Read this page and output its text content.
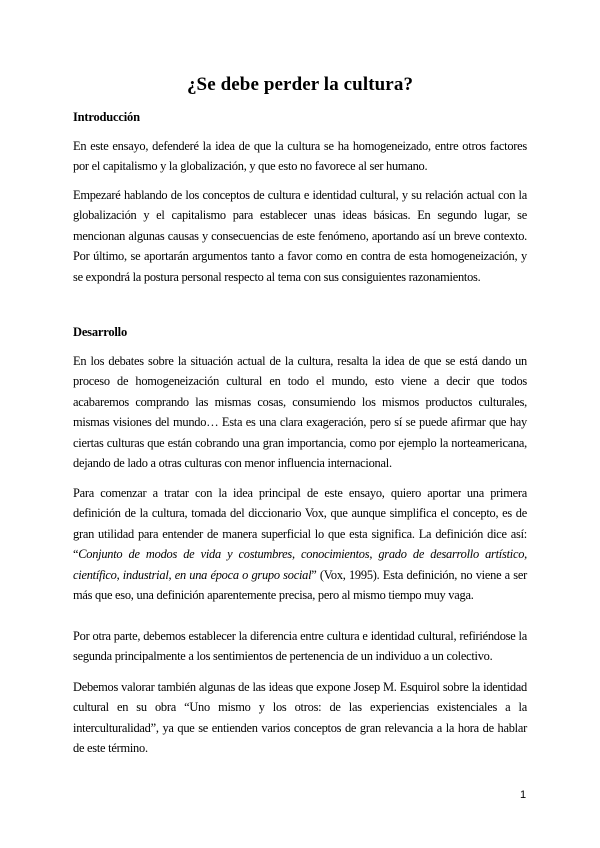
¿Se debe perder la cultura?
Introducción

En este ensayo, defenderé la idea de que la cultura se ha homogeneizado, entre otros factores por el capitalismo y la globalización, y que esto no favorece al ser humano.

Empezaré hablando de los conceptos de cultura e identidad cultural, y su relación actual con la globalización y el capitalismo para establecer unas ideas básicas. En segundo lugar, se mencionan algunas causas y consecuencias de este fenómeno, aportando así un breve contexto. Por último, se aportarán argumentos tanto a favor como en contra de esta homogeneización, y se expondrá la postura personal respecto al tema con sus consiguientes razonamientos.

Desarrollo

En los debates sobre la situación actual de la cultura, resalta la idea de que se está dando un proceso de homogeneización cultural en todo el mundo, esto viene a decir que todos acabaremos comprando las mismas cosas, consumiendo los mismos productos culturales, mismas visiones del mundo… Esta es una clara exageración, pero sí se puede afirmar que hay ciertas culturas que están cobrando una gran importancia, como por ejemplo la norteamericana, dejando de lado a otras culturas con menor influencia internacional.

Para comenzar a tratar con la idea principal de este ensayo, quiero aportar una primera definición de la cultura, tomada del diccionario Vox, que aunque simplifica el concepto, es de gran utilidad para entender de manera superficial lo que esta significa. La definición dice así: “Conjunto de modos de vida y costumbres, conocimientos, grado de desarrollo artístico, científico, industrial, en una época o grupo social” (Vox, 1995). Esta definición, no viene a ser más que eso, una definición aparentemente precisa, pero al mismo tiempo muy vaga.

Por otra parte, debemos establecer la diferencia entre cultura e identidad cultural, refiriéndose la segunda principalmente a los sentimientos de pertenencia de un individuo a un colectivo.

Debemos valorar también algunas de las ideas que expone Josep M. Esquirol sobre la identidad cultural en su obra “Uno mismo y los otros: de las experiencias existenciales a la interculturalidad”, ya que se entienden varios conceptos de gran relevancia a la hora de hablar de este término.

1
